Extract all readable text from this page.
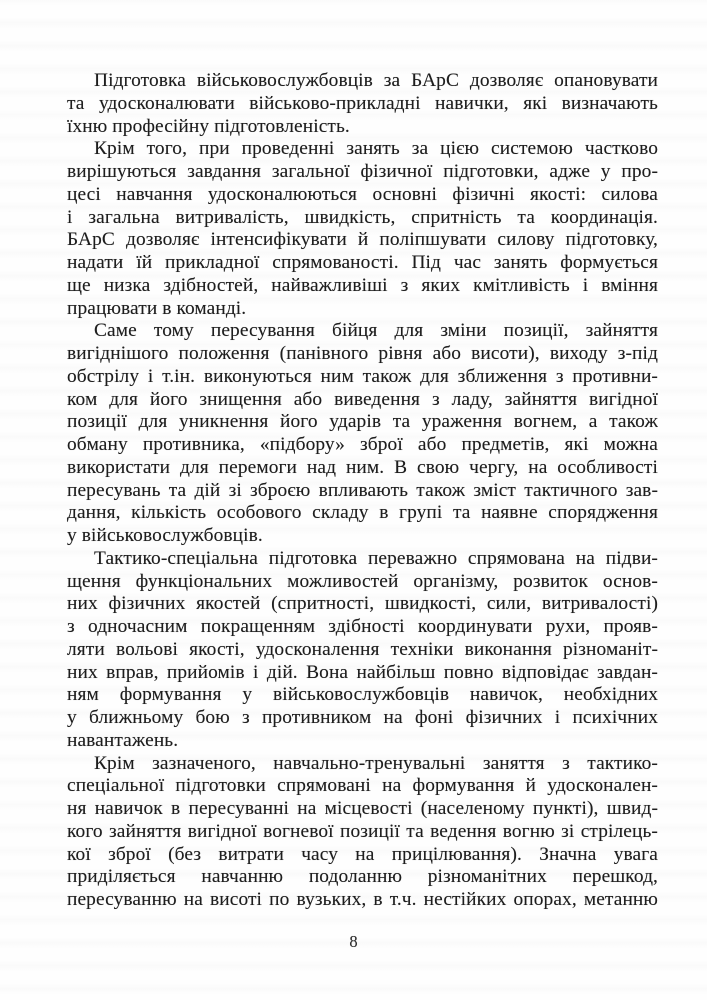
Підготовка військовослужбовців за БАрС дозволяє опановувати
та удосконалювати військово-прикладні навички, які визначають
їхню професійну підготовленість.
Крім того, при проведенні занять за цією системою частково
вирішуються завдання загальної фізичної підготовки, адже у про-
цесі навчання удосконалюються основні фізичні якості: силова
і загальна витривалість, швидкість, спритність та координація.
БАрС дозволяє інтенсифікувати й поліпшувати силову підготовку,
надати їй прикладної спрямованості. Під час занять формується
ще низка здібностей, найважливіші з яких кмітливість і вміння
працювати в команді.
Саме тому пересування бійця для зміни позиції, зайняття
вигіднішого положення (панівного рівня або висоти), виходу з-під
обстрілу і т.ін. виконуються ним також для зближення з противни-
ком для його знищення або виведення з ладу, зайняття вигідної
позиції для уникнення його ударів та ураження вогнем, а також
обману противника, «підбору» зброї або предметів, які можна
використати для перемоги над ним. В свою чергу, на особливості
пересувань та дій зі зброєю впливають також зміст тактичного зав-
дання, кількість особового складу в групі та наявне спорядження
у військовослужбовців.
Тактико-спеціальна підготовка переважно спрямована на підви-
щення функціональних можливостей організму, розвиток основ-
них фізичних якостей (спритності, швидкості, сили, витривалості)
з одночасним покращенням здібності координувати рухи, прояв-
ляти вольові якості, удосконалення техніки виконання різноманіт-
них вправ, прийомів і дій. Вона найбільш повно відповідає завдан-
ням формування у військовослужбовців навичок, необхідних
у ближньому бою з противником на фоні фізичних і психічних
навантажень.
Крім зазначеного, навчально-тренувальні заняття з тактико-
спеціальної підготовки спрямовані на формування й удосконален-
ня навичок в пересуванні на місцевості (населеному пункті), швид-
кого зайняття вигідної вогневої позиції та ведення вогню зі стрілець-
кої зброї (без витрати часу на прицілювання). Значна увага
приділяється навчанню подоланню різноманітних перешкод,
пересуванню на висоті по вузьких, в т.ч. нестійких опорах, метанню
8
